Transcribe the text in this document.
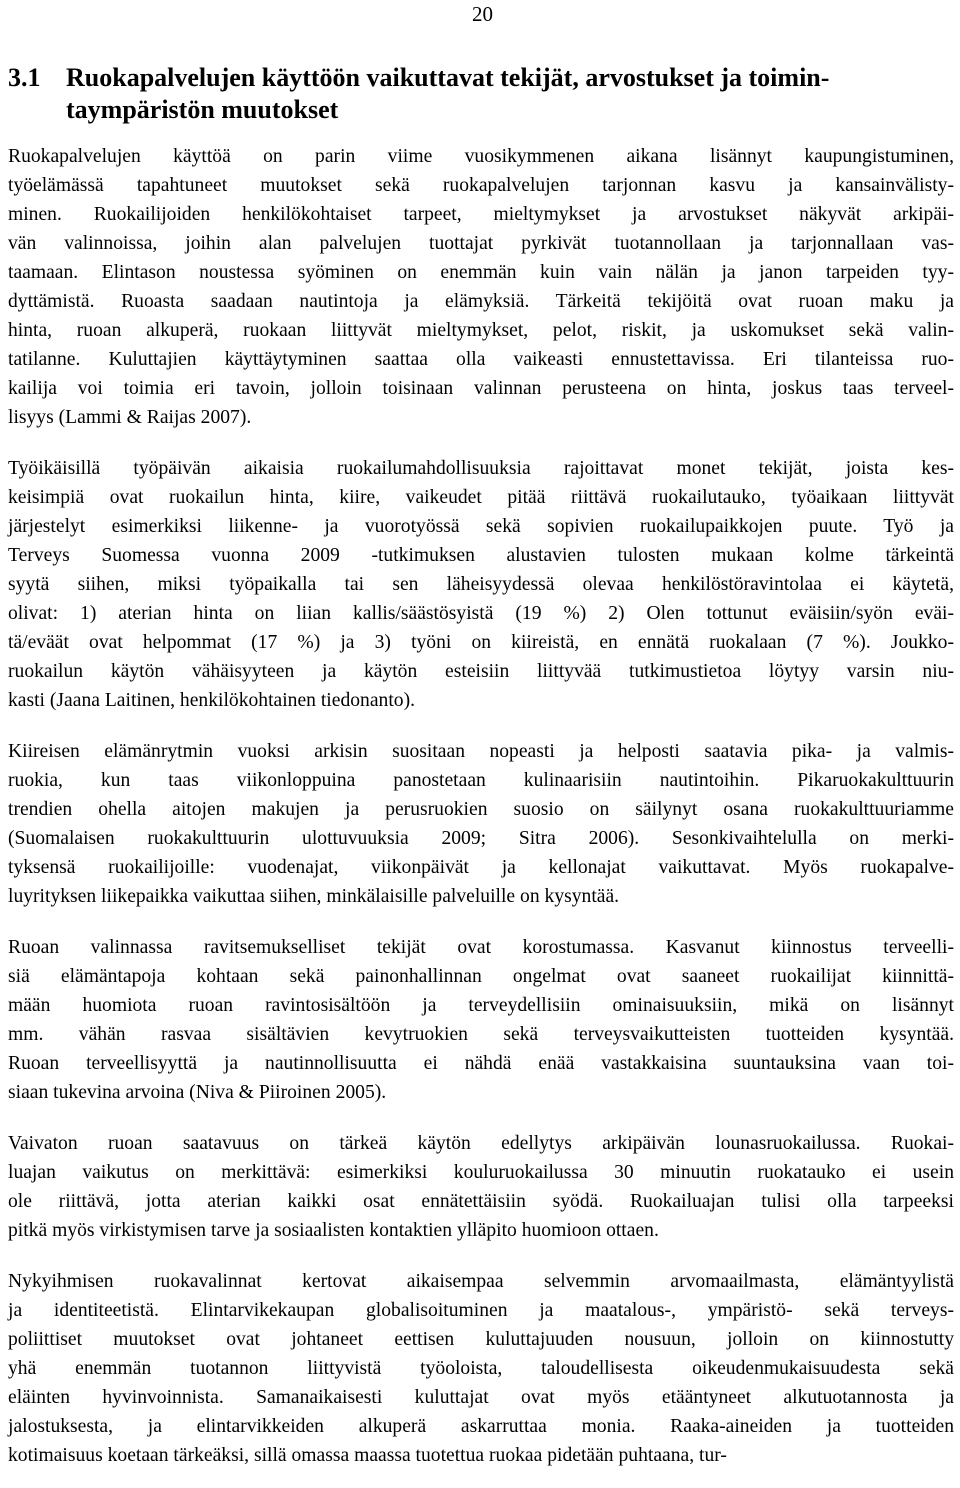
20
3.1 Ruokapalvelujen käyttöön vaikuttavat tekijät, arvostukset ja toimin-
taympäristön muutokset

Ruokapalvelujen käyttöä on parin viime vuosikymmenen aikana lisännyt kaupungistuminen,
työelämässä tapahtuneet muutokset sekä ruokapalvelujen tarjonnan kasvu ja kansainvälisty-
minen. Ruokailijoiden henkilökohtaiset tarpeet, mieltymykset ja arvostukset näkyvät arkipäi-
vän valinnoissa, joihin alan palvelujen tuottajat pyrkivät tuotannollaan ja tarjonnallaan vas-
taamaan. Elintason noustessa syöminen on enemmän kuin vain nälän ja janon tarpeiden tyy-
dyttämistä. Ruoasta saadaan nautintoja ja elämyksiä. Tärkeitä tekijöitä ovat ruoan maku ja
hinta, ruoan alkuperä, ruokaan liittyvät mieltymykset, pelot, riskit, ja uskomukset sekä valin-
tatilanne. Kuluttajien käyttäytyminen saattaa olla vaikeasti ennustettavissa. Eri tilanteissa ruo-
kailija voi toimia eri tavoin, jolloin toisinaan valinnan perusteena on hinta, joskus taas terveel-
lisyys (Lammi & Raijas 2007).

Työikäisillä työpäivän aikaisia ruokailumahdollisuuksia rajoittavat monet tekijät, joista kes-
keisimpiä ovat ruokailun hinta, kiire, vaikeudet pitää riittävä ruokailutauko, työaikaan liittyvät
järjestelyt esimerkiksi liikenne- ja vuorotyössä sekä sopivien ruokailupaikkojen puute. Työ ja
Terveys Suomessa vuonna 2009 -tutkimuksen alustavien tulosten mukaan kolme tärkeintä
syytä siihen, miksi työpaikalla tai sen läheisyydessä olevaa henkilöstöravintolaa ei käytetä,
olivat: 1) aterian hinta on liian kallis/säästösyistä (19 %) 2) Olen tottunut eväisiin/syön eväi-
tä/eväät ovat helpommat (17 %) ja 3) työni on kiireistä, en ennätä ruokalaan (7 %). Joukko-
ruokailun käytön vähäisyyteen ja käytön esteisiin liittyvää tutkimustietoa löytyy varsin niu-
kasti (Jaana Laitinen, henkilökohtainen tiedonanto).

Kiireisen elämänrytmin vuoksi arkisin suositaan nopeasti ja helposti saatavia pika- ja valmis-
ruokia, kun taas viikonloppuina panostetaan kulinaarisiin nautintoihin. Pikaruokakulttuurin
trendien ohella aitojen makujen ja perusruokien suosio on säilynyt osana ruokakulttuuriamme
(Suomalaisen ruokakulttuurin ulottuvuuksia 2009; Sitra 2006). Sesonkivaihtelulla on merki-
tyksensä ruokailijoille: vuodenajat, viikonpäivät ja kellonajat vaikuttavat. Myös ruokapalve-
luyrityksen liikepaikka vaikuttaa siihen, minkälaisille palveluille on kysyntää.

Ruoan valinnassa ravitsemukselliset tekijät ovat korostumassa. Kasvanut kiinnostus terveelli-
siä elämäntapoja kohtaan sekä painonhallinnan ongelmat ovat saaneet ruokailijat kiinnittä-
mään huomiota ruoan ravintosisältöön ja terveydellisiin ominaisuuksiin, mikä on lisännyt
mm. vähän rasvaa sisältävien kevytruokien sekä terveysvaikutteisten tuotteiden kysyntää.
Ruoan terveellisyyttä ja nautinnollisuutta ei nähdä enää vastakkaisina suuntauksina vaan toi-
siaan tukevina arvoina (Niva & Piiroinen 2005).

Vaivaton ruoan saatavuus on tärkeä käytön edellytys arkipäivän lounasruokailussa. Ruokai-
luajan vaikutus on merkittävä: esimerkiksi kouluruokailussa 30 minuutin ruokatauko ei usein
ole riittävä, jotta aterian kaikki osat ennätettäisiin syödä. Ruokailuajan tulisi olla tarpeeksi
pitkä myös virkistymisen tarve ja sosiaalisten kontaktien ylläpito huomioon ottaen.

Nykyihmisen ruokavalinnat kertovat aikaisempaa selvemmin arvomaailmasta, elämäntyylistä
ja identiteetistä. Elintarvikekaupan globalisoituminen ja maatalous-, ympäristö- sekä terveys-
poliittiset muutokset ovat johtaneet eettisen kuluttajuuden nousuun, jolloin on kiinnostutty
yhä enemmän tuotannon liittyvistä työoloista, taloudellisesta oikeudenmukaisuudesta sekä
eläinten hyvinvoinnista. Samanaikaisesti kuluttajat ovat myös etääntyneet alkutuotannosta ja
jalostuksesta, ja elintarvikkeiden alkuperä askarruttaa monia. Raaka-aineiden ja tuotteiden
kotimaisuus koetaan tärkeäksi, sillä omassa maassa tuotettua ruokaa pidetään puhtaana, tur-
